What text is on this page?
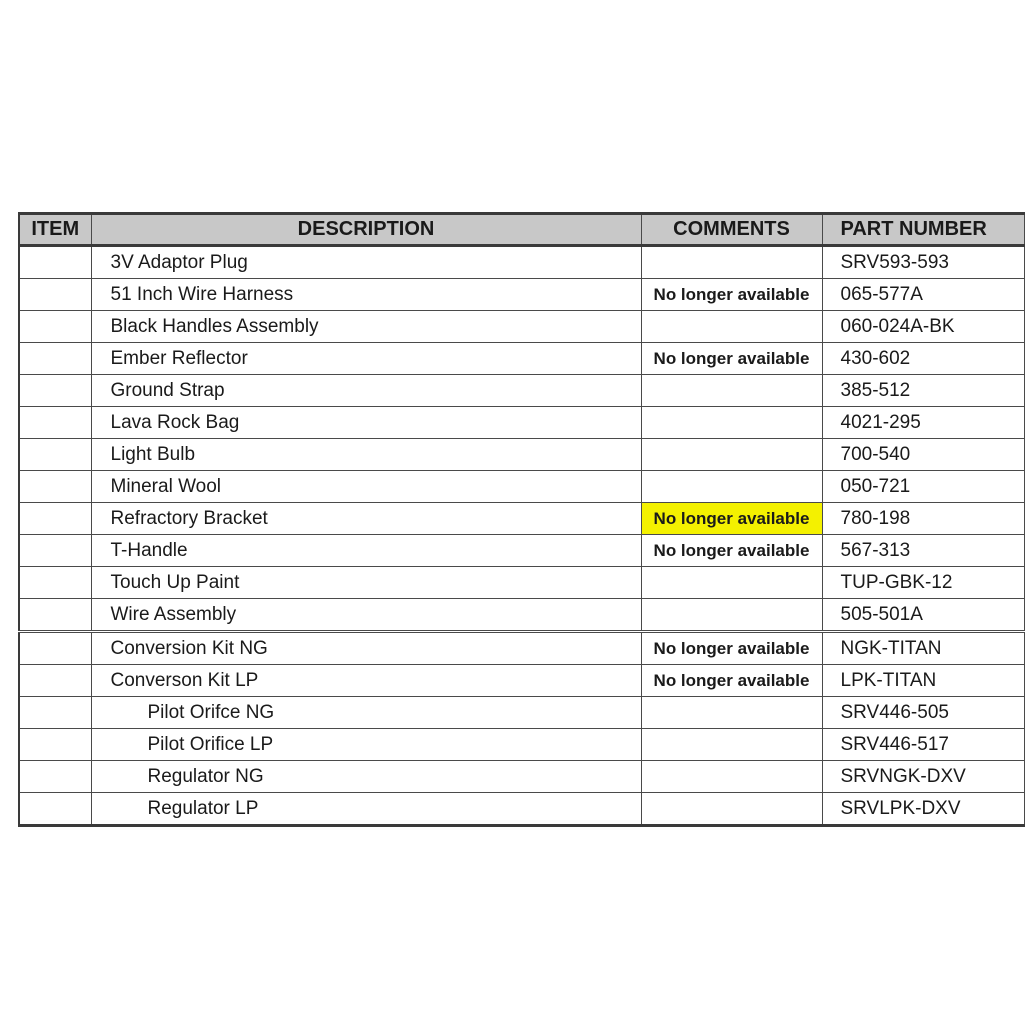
ITEM	DESCRIPTION	COMMENTS	PART NUMBER
	3V Adaptor Plug		SRV593-593
	51 Inch Wire Harness	No longer available	065-577A
	Black Handles Assembly		060-024A-BK
	Ember Reflector	No longer available	430-602
	Ground Strap		385-512
	Lava Rock Bag		4021-295
	Light Bulb		700-540
	Mineral Wool		050-721
	Refractory Bracket	No longer available	780-198
	T-Handle	No longer available	567-313
	Touch Up Paint		TUP-GBK-12
	Wire Assembly		505-501A
	Conversion Kit NG	No longer available	NGK-TITAN
	Converson Kit LP	No longer available	LPK-TITAN
	Pilot Orifce NG		SRV446-505
	Pilot Orifice LP		SRV446-517
	Regulator NG		SRVNGK-DXV
	Regulator LP		SRVLPK-DXV
